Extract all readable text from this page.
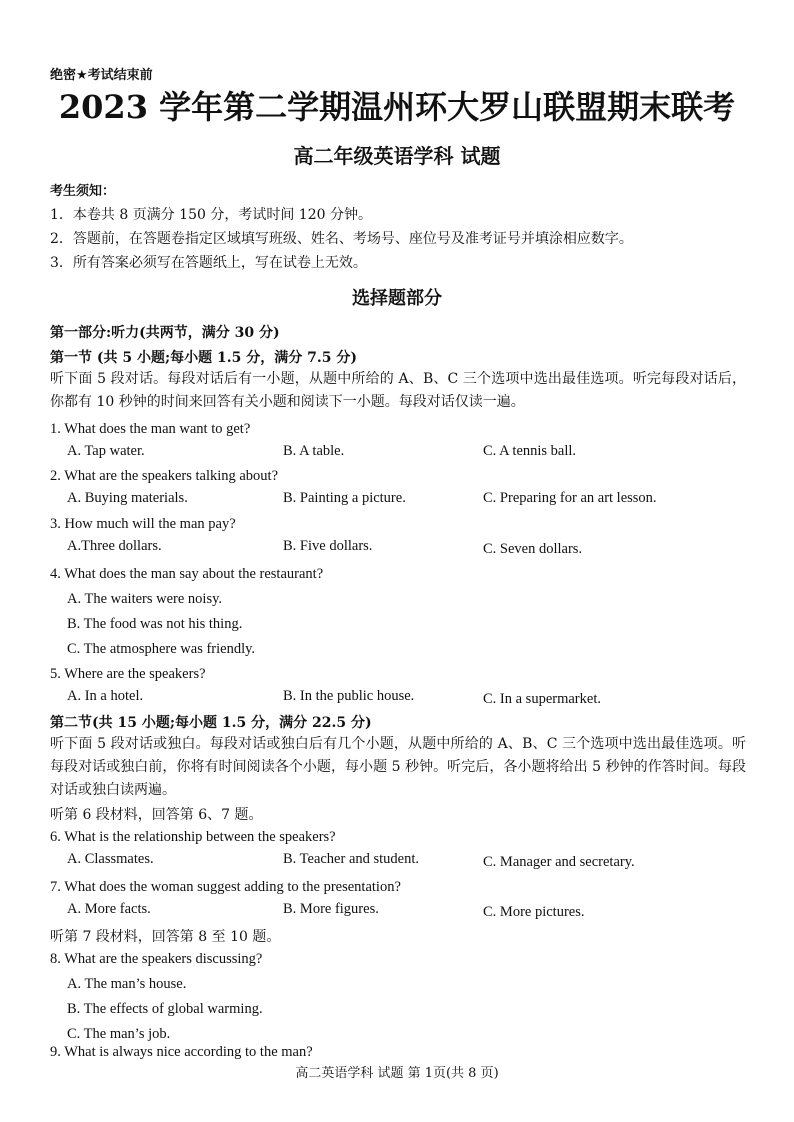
绝密★考试结束前
2023 学年第二学期温州环大罗山联盟期末联考
高二年级英语学科 试题
考生须知：
1．本卷共 8 页满分 150 分，考试时间 120 分钟。
2．答题前，在答题卷指定区域填写班级、姓名、考场号、座位号及准考证号并填涂相应数字。
3．所有答案必须写在答题纸上，写在试卷上无效。
选择题部分
第一部分:听力(共两节，满分 30 分)
第一节 (共 5 小题;每小题 1.5 分，满分 7.5 分)
听下面 5 段对话。每段对话后有一小题，从题中所给的 A、B、C 三个选项中选出最佳选项。听完每段对话后，你都有 10 秒钟的时间来回答有关小题和阅读下一小题。每段对话仅读一遍。
1. What does the man want to get?
A. Tap water.	B. A table.	C. A tennis ball.
2. What are the speakers talking about?
A. Buying materials.	B. Painting a picture.	C. Preparing for an art lesson.
3. How much will the man pay?
A.Three dollars.	B. Five dollars.	C. Seven dollars.
4. What does the man say about the restaurant?
A. The waiters were noisy.
B. The food was not his thing.
C. The atmosphere was friendly.
5. Where are the speakers?
A. In a hotel.	B. In the public house.	C. In a supermarket.
第二节(共 15 小题;每小题 1.5 分，满分 22.5 分)
听下面 5 段对话或独白。每段对话或独白后有几个小题，从题中所给的 A、B、C 三个选项中选出最佳选项。听每段对话或独白前，你将有时间阅读各个小题，每小题 5 秒钟。听完后，各小题将给出 5 秒钟的作答时间。每段对话或独白读两遍。
听第 6 段材料，回答第 6、7 题。
6. What is the relationship between the speakers?
A. Classmates.	B. Teacher and student.	C. Manager and secretary.
7. What does the woman suggest adding to the presentation?
A. More facts.	B. More figures.	C. More pictures.
听第 7 段材料，回答第 8 至 10 题。
8. What are the speakers discussing?
A. The man’s house.
B. The effects of global warming.
C. The man’s job.
9. What is always nice according to the man?
高二英语学科 试题 第 1页(共 8 页)
